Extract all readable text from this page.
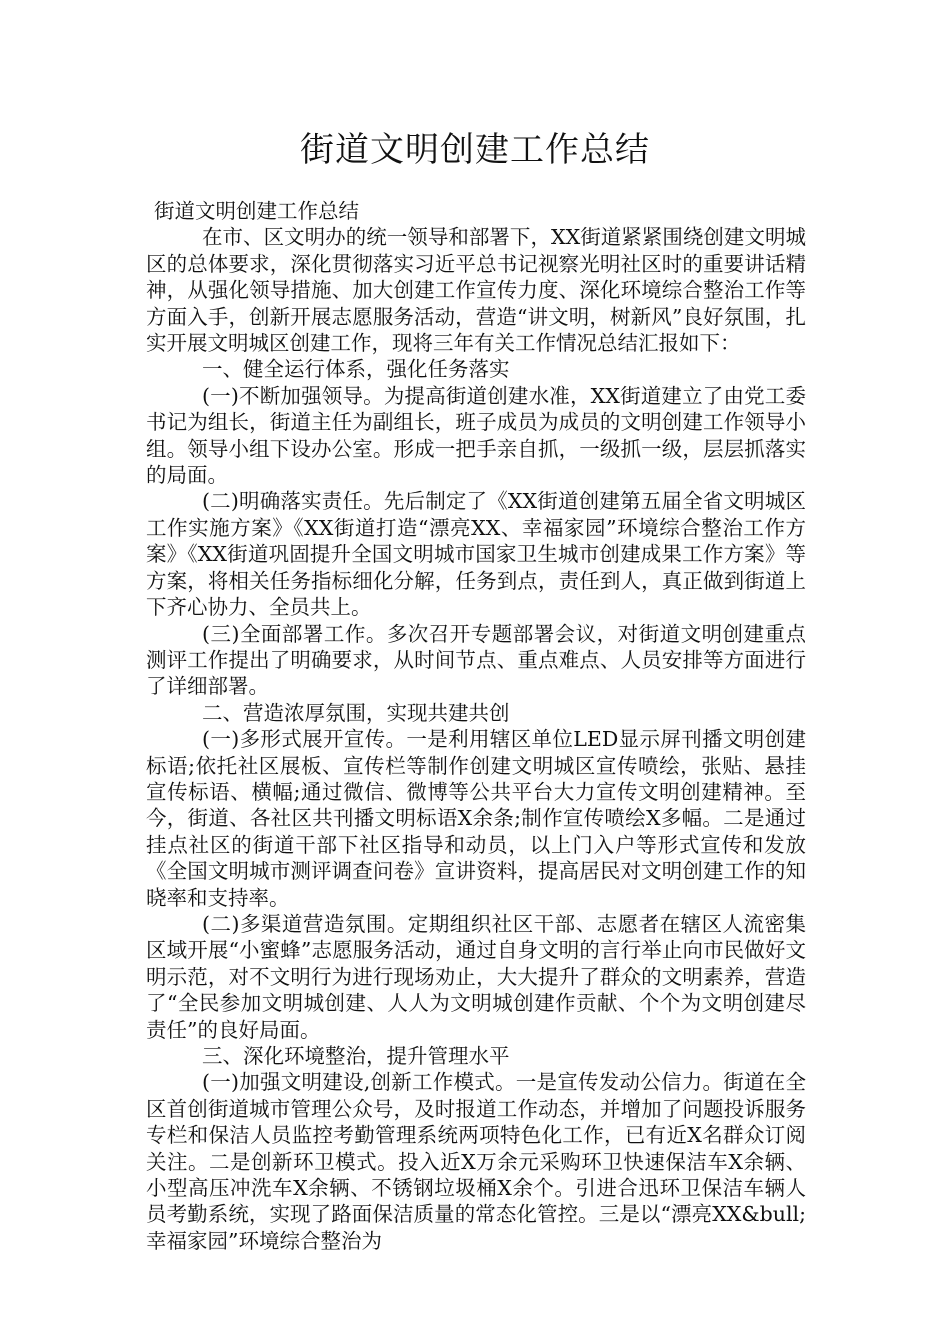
街道文明创建工作总结

街道文明创建工作总结

在市、区文明办的统一领导和部署下，XX街道紧紧围绕创建文明城区的总体要求，深化贯彻落实习近平总书记视察光明社区时的重要讲话精神，从强化领导措施、加大创建工作宣传力度、深化环境综合整治工作等方面入手，创新开展志愿服务活动，营造“讲文明，树新风”良好氛围，扎实开展文明城区创建工作，现将三年有关工作情况总结汇报如下：

一、健全运行体系，强化任务落实

(一)不断加强领导。为提高街道创建水准，XX街道建立了由党工委书记为组长，街道主任为副组长，班子成员为成员的文明创建工作领导小组。领导小组下设办公室。形成一把手亲自抓，一级抓一级，层层抓落实的局面。

(二)明确落实责任。先后制定了《XX街道创建第五届全省文明城区工作实施方案》《XX街道打造“漂亮XX、幸福家园”环境综合整治工作方案》《XX街道巩固提升全国文明城市国家卫生城市创建成果工作方案》等方案，将相关任务指标细化分解，任务到点，责任到人，真正做到街道上下齐心协力、全员共上。

(三)全面部署工作。多次召开专题部署会议，对街道文明创建重点测评工作提出了明确要求，从时间节点、重点难点、人员安排等方面进行了详细部署。

二、营造浓厚氛围，实现共建共创

(一)多形式展开宣传。一是利用辖区单位LED显示屏刊播文明创建标语;依托社区展板、宣传栏等制作创建文明城区宣传喷绘，张贴、悬挂宣传标语、横幅;通过微信、微博等公共平台大力宣传文明创建精神。至今，街道、各社区共刊播文明标语X余条;制作宣传喷绘X多幅。二是通过挂点社区的街道干部下社区指导和动员，以上门入户等形式宣传和发放《全国文明城市测评调查问卷》宣讲资料，提高居民对文明创建工作的知晓率和支持率。

(二)多渠道营造氛围。定期组织社区干部、志愿者在辖区人流密集区域开展“小蜜蜂”志愿服务活动，通过自身文明的言行举止向市民做好文明示范，对不文明行为进行现场劝止，大大提升了群众的文明素养，营造了“全民参加文明城创建、人人为文明城创建作贡献、个个为文明创建尽责任”的良好局面。

三、深化环境整治，提升管理水平

(一)加强文明建设,创新工作模式。一是宣传发动公信力。街道在全区首创街道城市管理公众号，及时报道工作动态，并增加了问题投诉服务专栏和保洁人员监控考勤管理系统两项特色化工作，已有近X名群众订阅关注。二是创新环卫模式。投入近X万余元采购环卫快速保洁车X余辆、小型高压冲洗车X余辆、不锈钢垃圾桶X余个。引进合迅环卫保洁车辆人员考勤系统，实现了路面保洁质量的常态化管控。三是以“漂亮XX&bull;幸福家园”环境综合整治为
